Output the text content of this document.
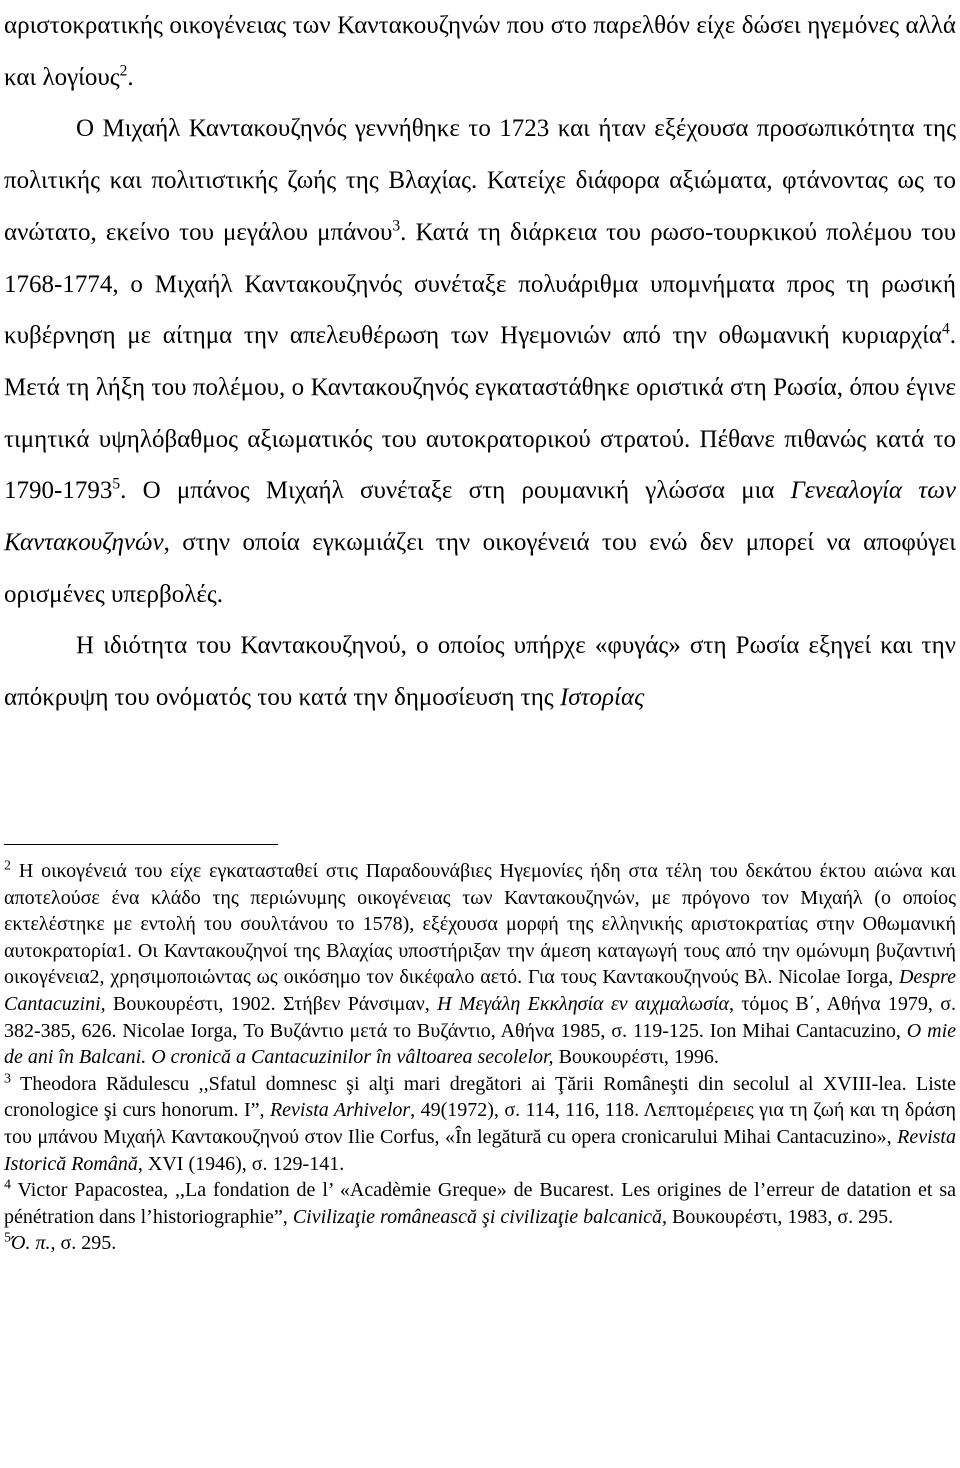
αριστοκρατικής οικογένειας των Καντακουζηνών που στο παρελθόν είχε δώσει ηγεμόνες αλλά και λογίους$^2$.

Ο Μιχαήλ Καντακουζηνός γεννήθηκε το 1723 και ήταν εξέχουσα προσωπικότητα της πολιτικής και πολιτιστικής ζωής της Βλαχίας. Κατείχε διάφορα αξιώματα, φτάνοντας ως το ανώτατο, εκείνο του μεγάλου μπάνου$^3$. Κατά τη διάρκεια του ρωσο-τουρκικού πολέμου του 1768-1774, ο Μιχαήλ Καντακουζηνός συνέταξε πολυάριθμα υπομνήματα προς τη ρωσική κυβέρνηση με αίτημα την απελευθέρωση των Ηγεμονιών από την οθωμανική κυριαρχία$^4$. Μετά τη λήξη του πολέμου, ο Καντακουζηνός εγκαταστάθηκε οριστικά στη Ρωσία, όπου έγινε τιμητικά υψηλόβαθμος αξιωματικός του αυτοκρατορικού στρατού. Πέθανε πιθανώς κατά το 1790-1793$^5$. Ο μπάνος Μιχαήλ συνέταξε στη ρουμανική γλώσσα μια Γενεαλογία των Καντακουζηνών, στην οποία εγκωμιάζει την οικογένειά του ενώ δεν μπορεί να αποφύγει ορισμένες υπερβολές.

Η ιδιότητα του Καντακουζηνού, ο οποίος υπήρχε «φυγάς» στη Ρωσία εξηγεί και την απόκρυψη του ονόματός του κατά την δημοσίευση της Ιστορίας

$^2$ Η οικογένειά του είχε εγκατασταθεί στις Παραδουνάβιες Ηγεμονίες ήδη στα τέλη του δεκάτου έκτου αιώνα και αποτελούσε ένα κλάδο της περιώνυμης οικογένειας των Καντακουζηνών, με πρόγονο τον Μιχαήλ (ο οποίος εκτελέστηκε με εντολή του σουλτάνου το 1578), εξέχουσα μορφή της ελληνικής αριστοκρατίας στην Οθωμανική αυτοκρατορία1. Οι Καντακουζηνοί της Βλαχίας υποστήριξαν την άμεση καταγωγή τους από την ομώνυμη βυζαντινή οικογένεια2, χρησιμοποιώντας ως οικόσημο τον δικέφαλο αετό. Για τους Καντακουζηνούς Βλ. Nicolae Iorga, Despre Cantacuzini, Βουκουρέστι, 1902. Στήβεν Ράνσιμαν, Η Μεγάλη Εκκλησία εν αιχμαλωσία, τόμος Β΄, Αθήνα 1979, σ. 382-385, 626. Nicolae Iorga, Το Βυζάντιο μετά το Βυζάντιο, Αθήνα 1985, σ. 119-125. Ion Mihai Cantacuzino, O mie de ani în Balcani. O cronică a Cantacuzinilor în vâltoarea secolelor, Βουκουρέστι, 1996.

$^3$ Theodora Rădulescu ,,Sfatul domnesc şi alţi mari dregători ai Ţării Româneşti din secolul al XVIII-lea. Liste cronologice şi curs honorum. I”, Revista Arhivelor, 49(1972), σ. 114, 116, 118. Λεπτομέρειες για τη ζωή και τη δράση του μπάνου Μιχαήλ Καντακουζηνού στον Ilie Corfus, «În legătură cu opera cronicarului Mihai Cantacuzino», Revista Istorică Română, XVI (1946), σ. 129-141.

$^4$ Victor Papacostea, ,,La fondation de l’ «Acadèmie Greque» de Bucarest. Les origines de l’erreur de datation et sa pénétration dans l’historiographie”, Civilizaţie românească şi civilizaţie balcanică, Βουκουρέστι, 1983, σ. 295.

$^5$Ό. π., σ. 295.
